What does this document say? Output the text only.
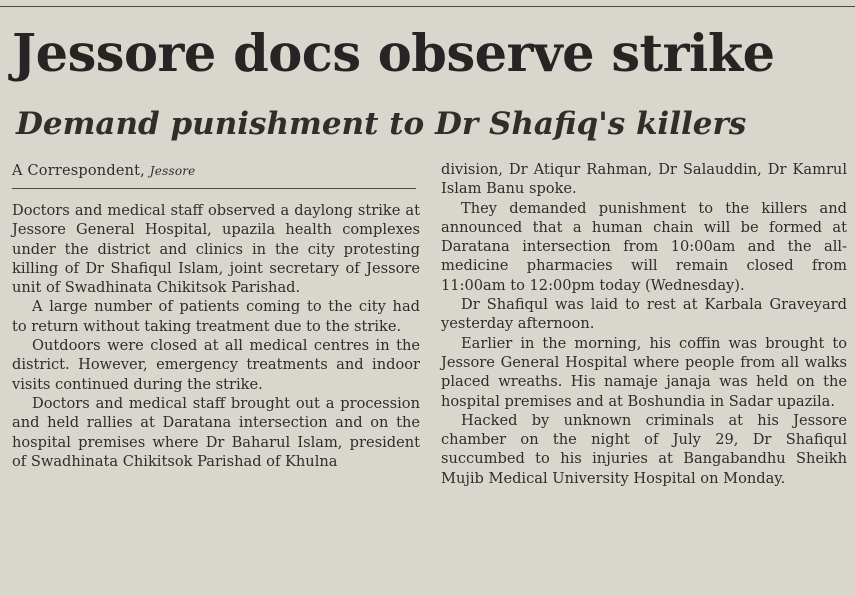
Jessore docs observe strike
Demand punishment to Dr Shafiq's killers
A Correspondent, Jessore

Doctors and medical staff observed a daylong strike at Jessore General Hospital, upazila health complexes under the district and clinics in the city protesting killing of Dr Shafiqul Islam, joint secretary of Jessore unit of Swadhinata Chikitsok Parishad.

A large number of patients coming to the city had to return without taking treatment due to the strike.

Outdoors were closed at all medical centres in the district. However, emergency treatments and indoor visits continued during the strike.

Doctors and medical staff brought out a procession and held rallies at Daratana intersection and on the hospital premises where Dr Baharul Islam, president of Swadhinata Chikitsok Parishad of Khulna

division, Dr Atiqur Rahman, Dr Salauddin, Dr Kamrul Islam Banu spoke.

They demanded punishment to the killers and announced that a human chain will be formed at Daratana intersection from 10:00am and the all-medicine pharmacies will remain closed from 11:00am to 12:00pm today (Wednesday).

Dr Shafiqul was laid to rest at Karbala Graveyard yesterday afternoon.

Earlier in the morning, his coffin was brought to Jessore General Hospital where people from all walks placed wreaths. His namaje janaja was held on the hospital premises and at Boshundia in Sadar upazila.

Hacked by unknown criminals at his Jessore chamber on the night of July 29, Dr Shafiqul succumbed to his injuries at Bangabandhu Sheikh Mujib Medical University Hospital on Monday.
